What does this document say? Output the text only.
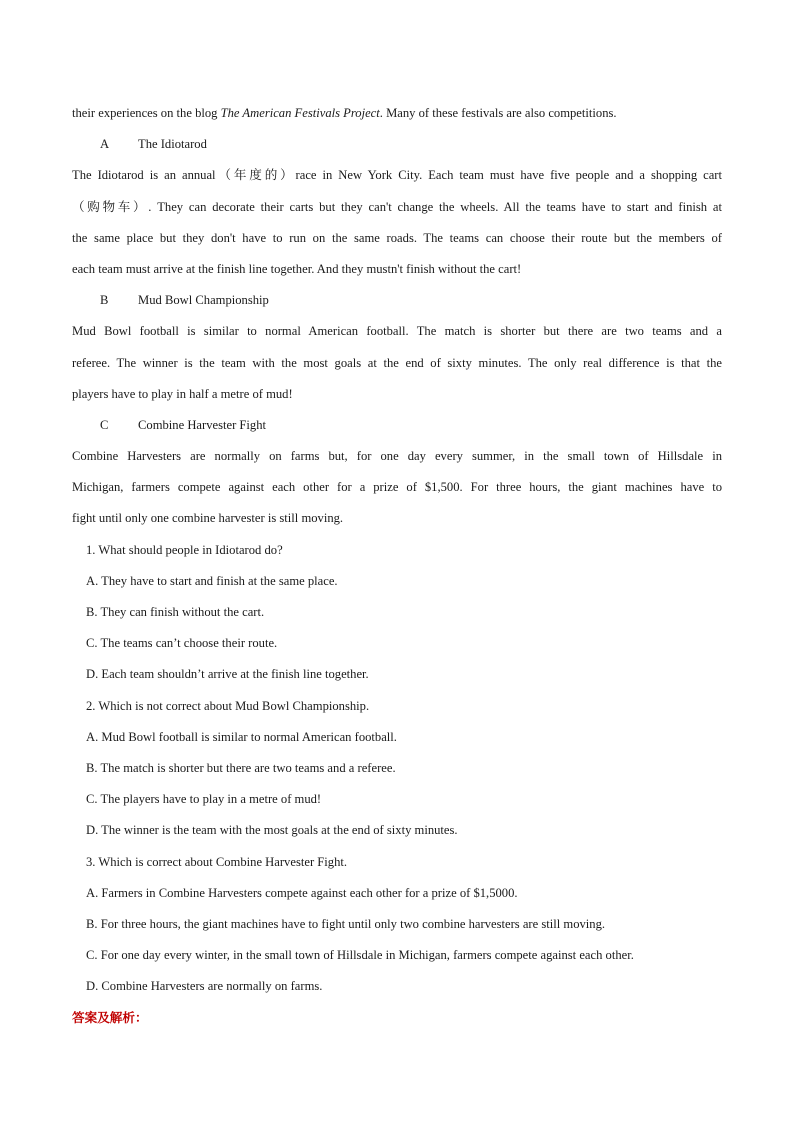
their experiences on the blog The American Festivals Project. Many of these festivals are also competitions.
A The Idiotarod
The Idiotarod is an annual（年度的）race in New York City. Each team must have five people and a shopping cart
（购物车）. They can decorate their carts but they can't change the wheels. All the teams have to start and finish at
the same place but they don't have to run on the same roads. The teams can choose their route but the members of
each team must arrive at the finish line together. And they mustn't finish without the cart!
B Mud Bowl Championship
Mud Bowl football is similar to normal American football. The match is shorter but there are two teams and a
referee. The winner is the team with the most goals at the end of sixty minutes. The only real difference is that the
players have to play in half a metre of mud!
C Combine Harvester Fight
Combine Harvesters are normally on farms but, for one day every summer, in the small town of Hillsdale in
Michigan, farmers compete against each other for a prize of $1,500. For three hours, the giant machines have to
fight until only one combine harvester is still moving.
1. What should people in Idiotarod do?
A. They have to start and finish at the same place.
B. They can finish without the cart.
C. The teams can’t choose their route.
D. Each team shouldn’t arrive at the finish line together.
2. Which is not correct about Mud Bowl Championship.
A. Mud Bowl football is similar to normal American football.
B. The match is shorter but there are two teams and a referee.
C. The players have to play in a metre of mud!
D. The winner is the team with the most goals at the end of sixty minutes.
3. Which is correct about Combine Harvester Fight.
A. Farmers in Combine Harvesters compete against each other for a prize of $1,5000.
B. For three hours, the giant machines have to fight until only two combine harvesters are still moving.
C. For one day every winter, in the small town of Hillsdale in Michigan, farmers compete against each other.
D. Combine Harvesters are normally on farms.
答案及解析：
